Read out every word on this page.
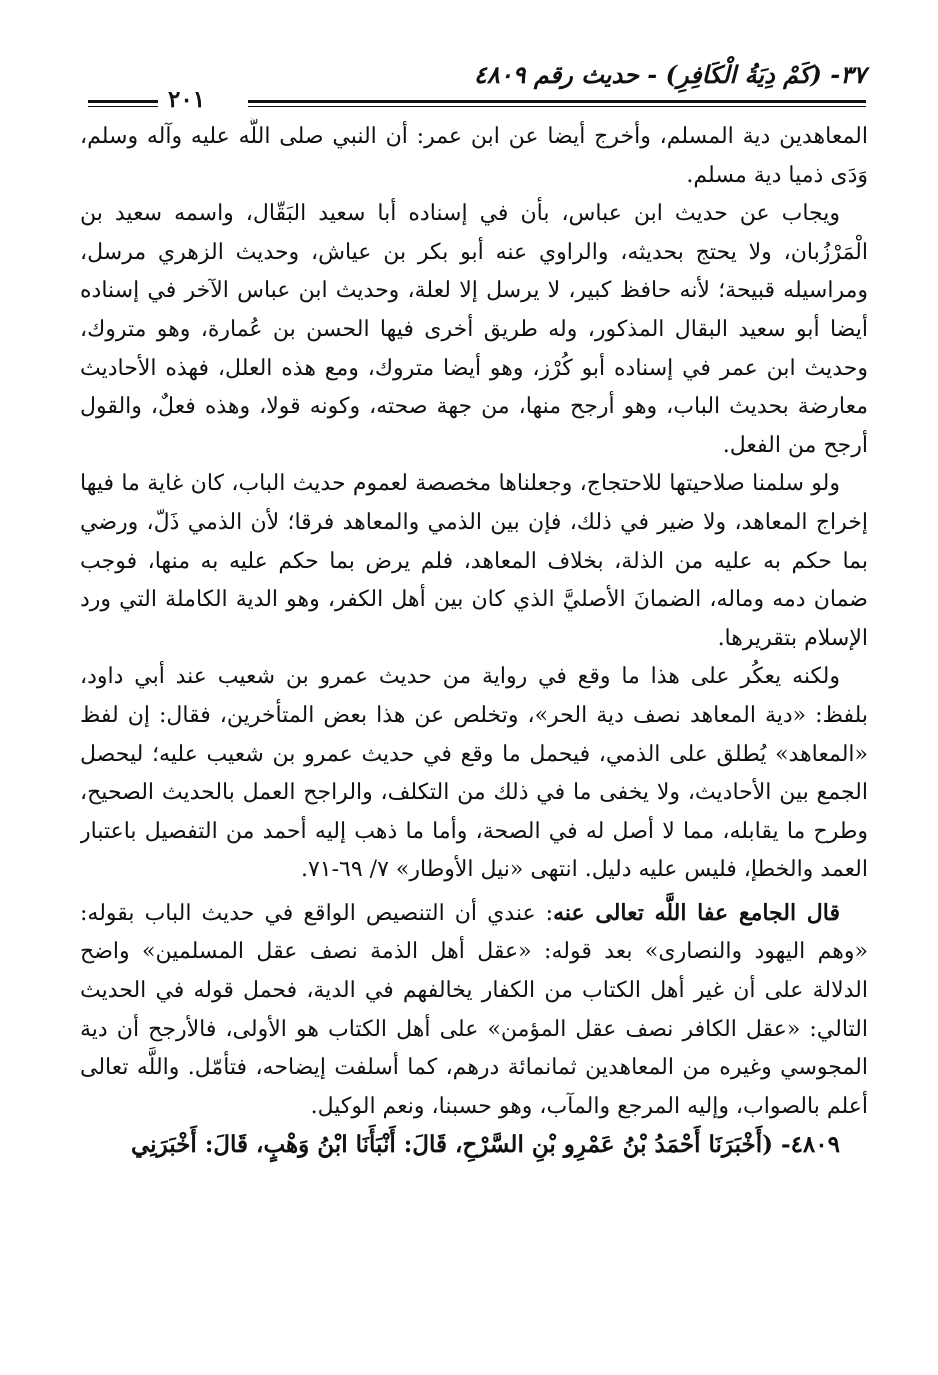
٣٧- (كَمْ دِيَةُ الْكَافِرِ) - حديث رقم ٤٨٠٩
٢٠١

المعاهدين دية المسلم، وأخرج أيضا عن ابن عمر: أن النبي صلى اللَّه عليه وآله وسلم، وَدَى ذميا دية مسلم.

ويجاب عن حديث ابن عباس، بأن في إسناده أبا سعيد البَقّال، واسمه سعيد بن الْمَرْزُبان، ولا يحتج بحديثه، والراوي عنه أبو بكر بن عياش، وحديث الزهري مرسل، ومراسيله قبيحة؛ لأنه حافظ كبير، لا يرسل إلا لعلة، وحديث ابن عباس الآخر في إسناده أيضا أبو سعيد البقال المذكور، وله طريق أخرى فيها الحسن بن عُمارة، وهو متروك، وحديث ابن عمر في إسناده أبو كُرْز، وهو أيضا متروك، ومع هذه العلل، فهذه الأحاديث معارضة بحديث الباب، وهو أرجح منها، من جهة صحته، وكونه قولا، وهذه فعلٌ، والقول أرجح من الفعل.

ولو سلمنا صلاحيتها للاحتجاج، وجعلناها مخصصة لعموم حديث الباب، كان غاية ما فيها إخراج المعاهد، ولا ضير في ذلك، فإن بين الذمي والمعاهد فرقا؛ لأن الذمي ذَلّ، ورضي بما حكم به عليه من الذلة، بخلاف المعاهد، فلم يرض بما حكم عليه به منها، فوجب ضمان دمه وماله، الضمانَ الأصليَّ الذي كان بين أهل الكفر، وهو الدية الكاملة التي ورد الإسلام بتقريرها.

ولكنه يعكُر على هذا ما وقع في رواية من حديث عمرو بن شعيب عند أبي داود، بلفظ: «دية المعاهد نصف دية الحر»، وتخلص عن هذا بعض المتأخرين، فقال: إن لفظ «المعاهد» يُطلق على الذمي، فيحمل ما وقع في حديث عمرو بن شعيب عليه؛ ليحصل الجمع بين الأحاديث، ولا يخفى ما في ذلك من التكلف، والراجح العمل بالحديث الصحيح، وطرح ما يقابله، مما لا أصل له في الصحة، وأما ما ذهب إليه أحمد من التفصيل باعتبار العمد والخطإ، فليس عليه دليل. انتهى «نيل الأوطار» ٧/ ٦٩-٧١.

قال الجامع عفا اللَّه تعالى عنه: عندي أن التنصيص الواقع في حديث الباب بقوله: «وهم اليهود والنصارى» بعد قوله: «عقل أهل الذمة نصف عقل المسلمين» واضح الدلالة على أن غير أهل الكتاب من الكفار يخالفهم في الدية، فحمل قوله في الحديث التالي: «عقل الكافر نصف عقل المؤمن» على أهل الكتاب هو الأولى، فالأرجح أن دية المجوسي وغيره من المعاهدين ثمانمائة درهم، كما أسلفت إيضاحه، فتأمّل. واللَّه تعالى أعلم بالصواب، وإليه المرجع والمآب، وهو حسبنا، ونعم الوكيل.

٤٨٠٩- (أَخْبَرَنَا أَحْمَدُ بْنُ عَمْرِو بْنِ السَّرْحِ، قَالَ: أَنْبَأَنَا ابْنُ وَهْبٍ، قَالَ: أَخْبَرَنِي
